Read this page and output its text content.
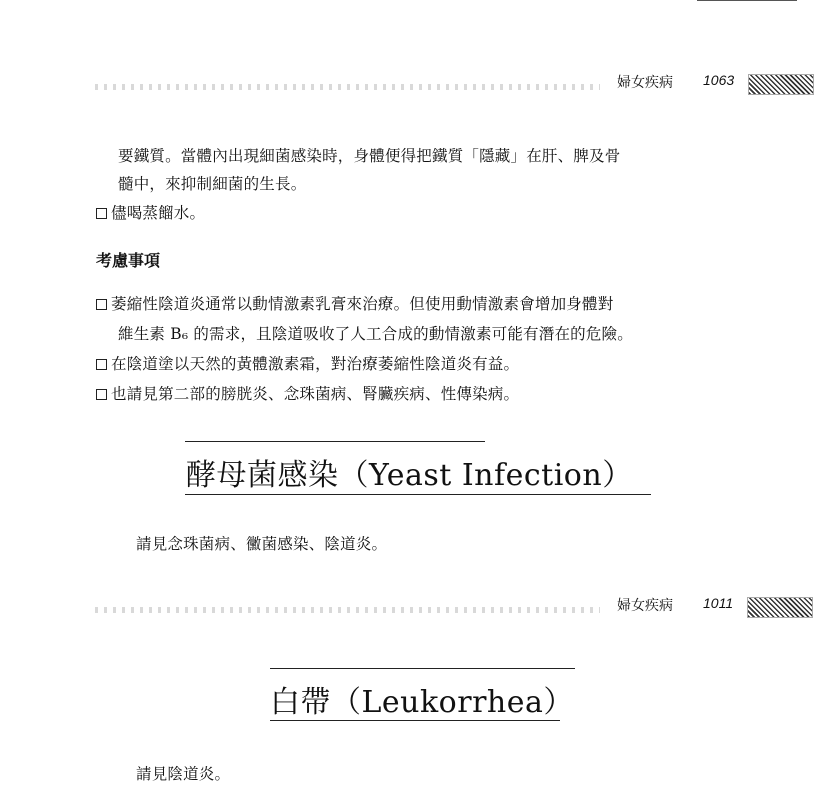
婦女疾病 1063
要鐵質。當體內出現細菌感染時，身體便得把鐵質「隱藏」在肝、脾及骨
髓中，來抑制細菌的生長。
儘喝蒸餾水。
考慮事項
萎縮性陰道炎通常以動情激素乳膏來治療。但使用動情激素會增加身體對
維生素 B₆ 的需求，且陰道吸收了人工合成的動情激素可能有潛在的危險。
在陰道塗以天然的黃體激素霜，對治療萎縮性陰道炎有益。
也請見第二部的膀胱炎、念珠菌病、腎臟疾病、性傳染病。
酵母菌感染（Yeast Infection）
請見念珠菌病、黴菌感染、陰道炎。
婦女疾病 1011
白帶（Leukorrhea）
請見陰道炎。
